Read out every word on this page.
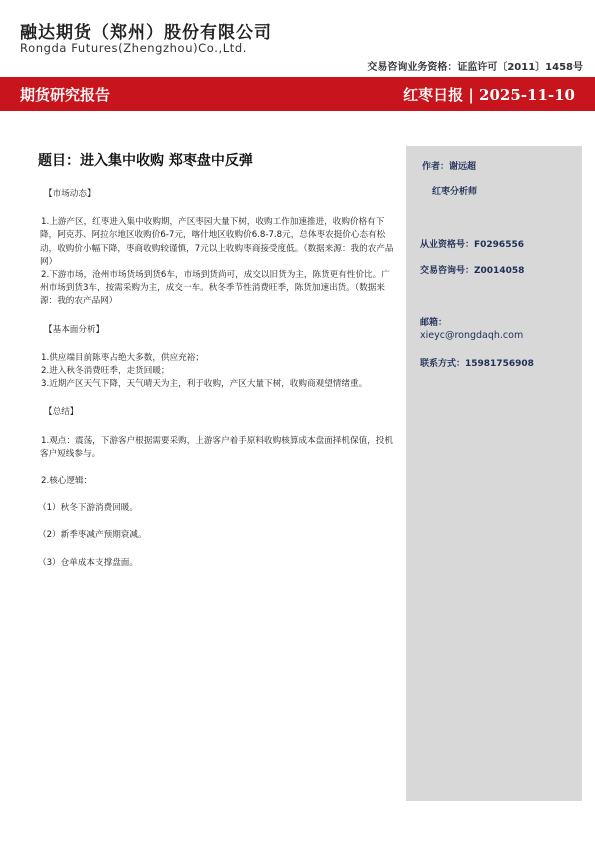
融达期货（郑州）股份有限公司
Rongda Futures(Zhengzhou)Co.,Ltd.
交易咨询业务资格：证监许可〔2011〕1458号
期货研究报告	红枣日报 | 2025-11-10
题目：进入集中收购 郑枣盘中反弹
【市场动态】
1.上游产区，红枣进入集中收购期，产区枣园大量下树，收购工作加速推进，收购价格有下降，阿克苏、阿拉尔地区收购价6-7元，喀什地区收购价6.8-7.8元，总体枣农挺价心态有松动，收购价小幅下降，枣商收购较谨慎，7元以上收购枣商接受度低。（数据来源：我的农产品网）
2.下游市场，沧州市场货场到货6车，市场到货尚可，成交以旧货为主，陈货更有性价比。广州市场到货3车，按需采购为主，成交一车。秋冬季节性消费旺季，陈货加速出货。（数据来源：我的农产品网）
【基本面分析】
1.供应端目前陈枣占绝大多数，供应充裕；
2.进入秋冬消费旺季，走货回暖；
3.近期产区天气下降，天气晴天为主，利于收购，产区大量下树，收购商观望情绪重。
【总结】
1.观点：震荡，下游客户根据需要采购，上游客户着手原料收购核算成本盘面择机保值，投机客户短线参与。
2.核心逻辑：
（1）秋冬下游消费回暖。
（2）新季枣减产预期衰减。
（3）仓单成本支撑盘面。
作者：谢远超
红枣分析师
从业资格号：F0296556
交易咨询号：Z0014058
邮箱：
xieyc@rongdaqh.com
联系方式：15981756908
